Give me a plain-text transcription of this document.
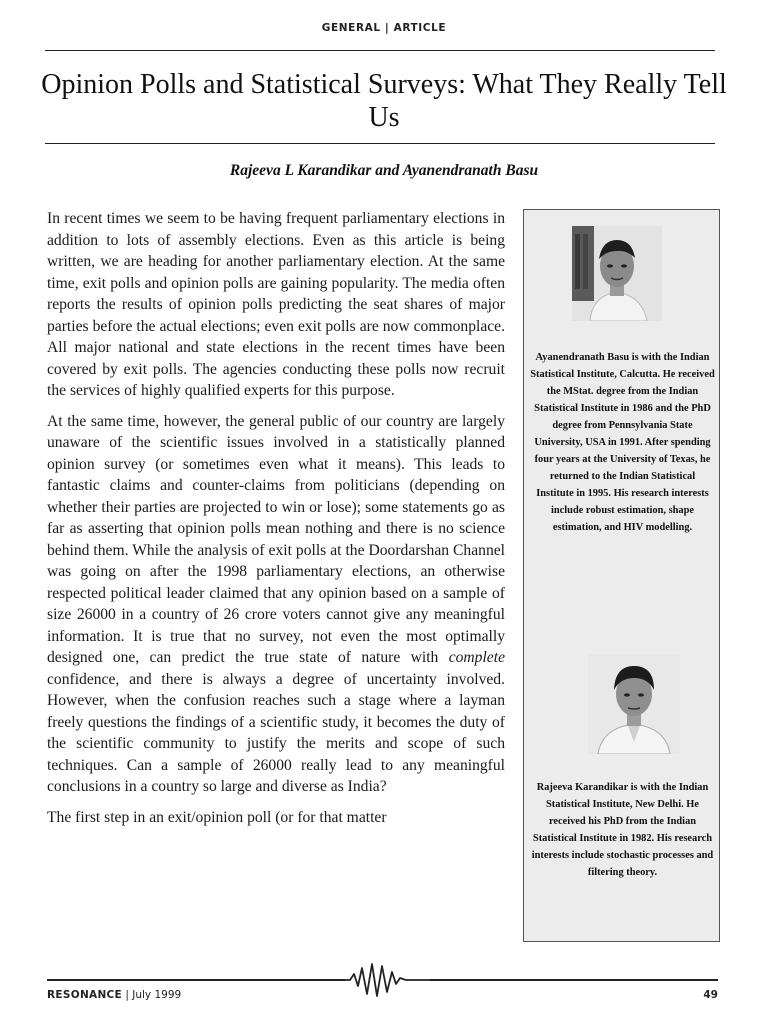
GENERAL | ARTICLE
Opinion Polls and Statistical Surveys: What They Really Tell Us
Rajeeva L Karandikar and Ayanendranath Basu

In recent times we seem to be having frequent parliamentary elections in addition to lots of assembly elections. Even as this article is being written, we are heading for another parliamentary election. At the same time, exit polls and opinion polls are gaining popularity. The media often reports the results of opinion polls predicting the seat shares of major parties before the actual elections; even exit polls are now commonplace. All major national and state elections in the recent times have been covered by exit polls. The agencies conducting these polls now recruit the services of highly qualified experts for this purpose.

At the same time, however, the general public of our country are largely unaware of the scientific issues involved in a statistically planned opinion survey (or sometimes even what it means). This leads to fantastic claims and counter-claims from politicians (depending on whether their parties are projected to win or lose); some statements go as far as asserting that opinion polls mean nothing and there is no science behind them. While the analysis of exit polls at the Doordarshan Channel was going on after the 1998 parliamentary elections, an otherwise respected political leader claimed that any opinion based on a sample of size 26000 in a country of 26 crore voters cannot give any meaningful information. It is true that no survey, not even the most optimally designed one, can predict the true state of nature with complete confidence, and there is always a degree of uncertainty involved. However, when the confusion reaches such a stage where a layman freely questions the findings of a scientific study, it becomes the duty of the scientific community to justify the merits and scope of such techniques. Can a sample of 26000 really lead to any meaningful conclusions in a country so large and diverse as India?

The first step in an exit/opinion poll (or for that matter

Ayanendranath Basu is with the Indian Statistical Institute, Calcutta. He received the MStat. degree from the Indian Statistical Institute in 1986 and the PhD degree from Pennsylvania State University, USA in 1991. After spending four years at the University of Texas, he returned to the Indian Statistical Institute in 1995. His research interests include robust estimation, shape estimation, and HIV modelling.
Rajeeva Karandikar is with the Indian Statistical Institute, New Delhi. He received his PhD from the Indian Statistical Institute in 1982. His research interests include stochastic processes and filtering theory.
RESONANCE | July 1999	49
